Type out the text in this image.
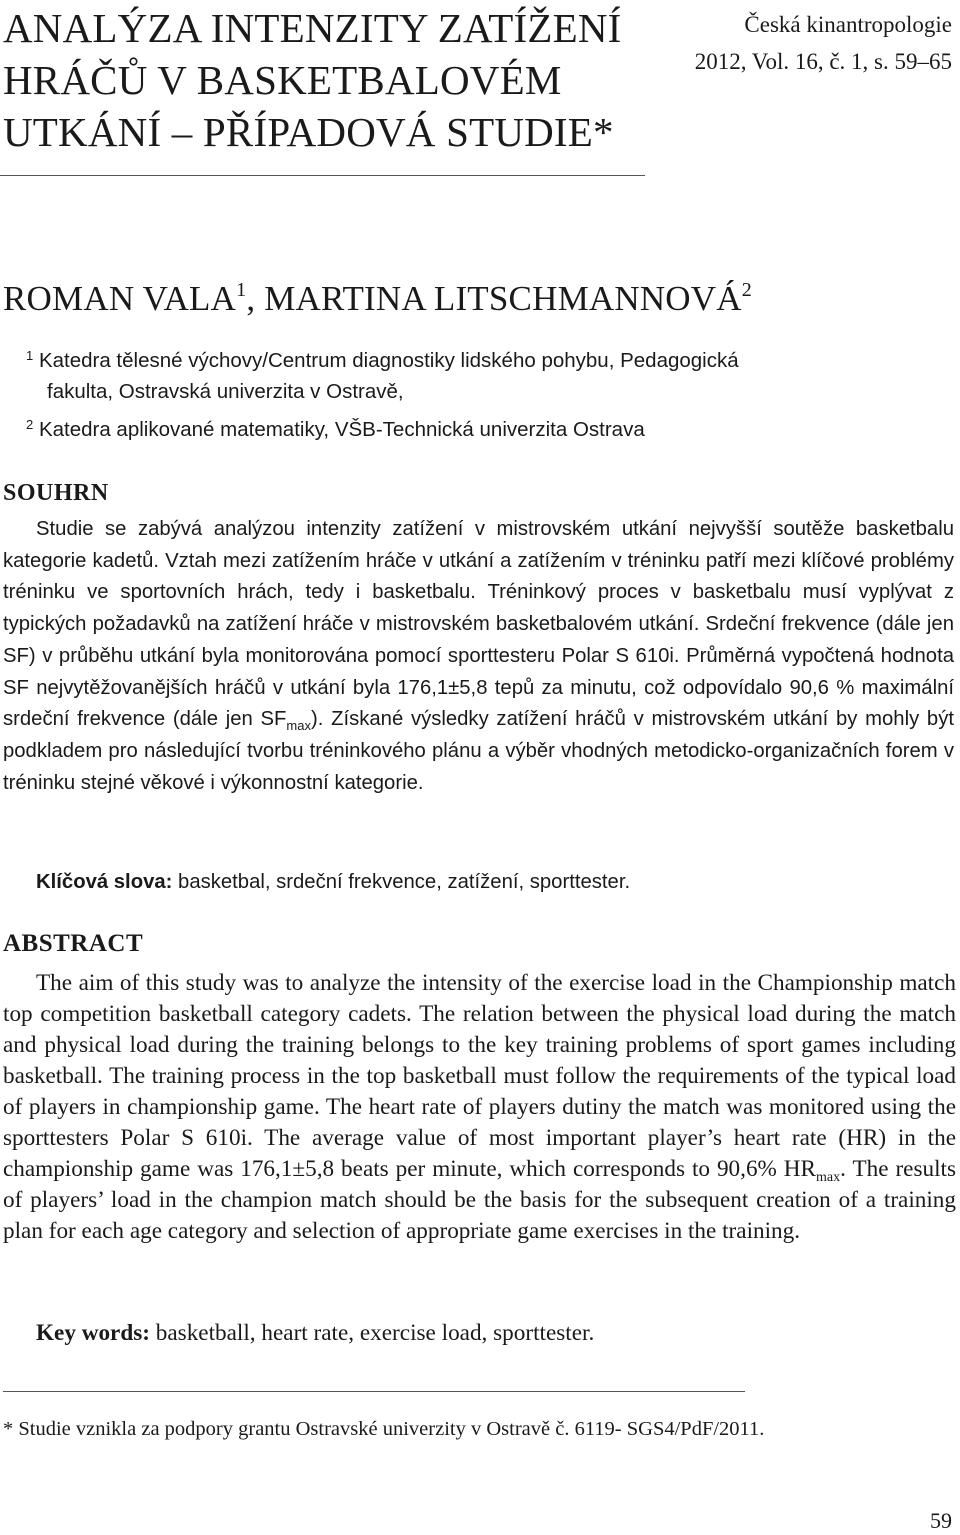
ANALÝZA INTENZITY ZATÍŽENÍ
HRÁČŮ V BASKETBALOVÉM
UTKÁNÍ – PŘÍPADOVÁ STUDIE*
Česká kinantropologie
2012, Vol. 16, č. 1, s. 59–65
ROMAN VALA$^1$, MARTINA LITSCHMANNOVÁ$^2$
$^1$ Katedra tělesné výchovy/Centrum diagnostiky lidského pohybu, Pedagogická
fakulta, Ostravská univerzita v Ostravě,
$^2$ Katedra aplikované matematiky, VŠB-Technická univerzita Ostrava
SOUHRN
Studie se zabývá analýzou intenzity zatížení v mistrovském utkání nejvyšší soutěže basketbalu kategorie kadetů. Vztah mezi zatížením hráče v utkání a zatížením v tréninku patří mezi klíčové problémy tréninku ve sportovních hrách, tedy i basketbalu. Tréninkový proces v basketbalu musí vyplývat z typických požadavků na zatížení hráče v mistrovském basketbalovém utkání. Srdeční frekvence (dále jen SF) v průběhu utkání byla monitorována pomocí sporttesteru Polar S 610i. Průměrná vypočtená hodnota SF nejvytěžovanějších hráčů v utkání byla 176,1±5,8 tepů za minutu, což odpovídalo 90,6 % maximální srdeční frekvence (dále jen $SF_{max}$). Získané výsledky zatížení hráčů v mistrovském utkání by mohly být podkladem pro následující tvorbu tréninkového plánu a výběr vhodných metodicko-organizačních forem v tréninku stejné věkové i výkonnostní kategorie.
Klíčová slova: basketbal, srdeční frekvence, zatížení, sporttester.
ABSTRACT
The aim of this study was to analyze the intensity of the exercise load in the Championship match top competition basketball category cadets. The relation between the physical load during the match and physical load during the training belongs to the key training problems of sport games including basketball. The training process in the top basketball must follow the requirements of the typical load of players in championship game. The heart rate of players dutiny the match was monitored using the sporttesters Polar S 610i. The average value of most important player’s heart rate (HR) in the championship game was 176,1±5,8 beats per minute, which corresponds to 90,6% $HR_{max}$. The results of players’ load in the champion match should be the basis for the subsequent creation of a training plan for each age category and selection of appropriate game exercises in the training.
Key words: basketball, heart rate, exercise load, sporttester.
* Studie vznikla za podpory grantu Ostravské univerzity v Ostravě č. 6119- SGS4/PdF/2011.
59
